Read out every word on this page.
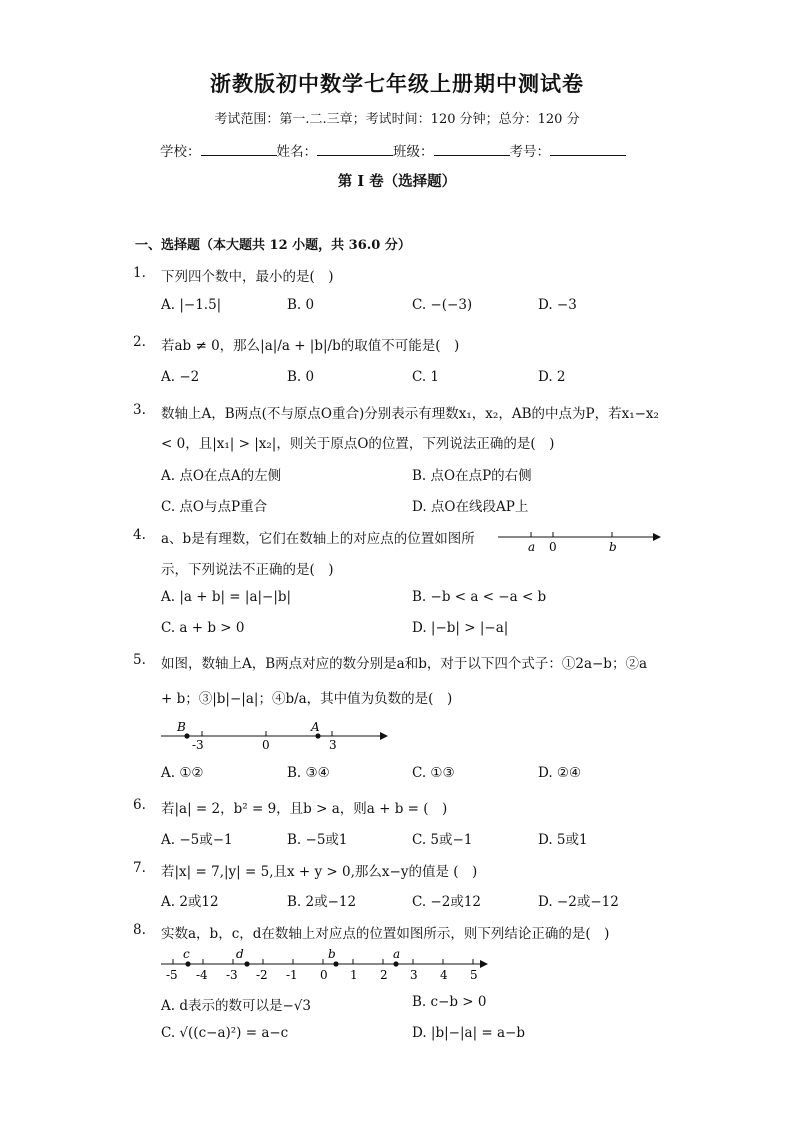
浙教版初中数学七年级上册期中测试卷
考试范围：第一.二.三章；考试时间：120 分钟；总分：120 分
学校：	姓名：	班级：	考号：
第 I 卷（选择题）
一、选择题（本大题共 12 小题，共 36.0 分）
1. 下列四个数中，最小的是(　)
A. |−1.5|	B. 0	C. −(−3)	D. −3
2. 若ab ≠ 0，那么|a|/a + |b|/b的取值不可能是(　)
A. −2	B. 0	C. 1	D. 2
3. 数轴上A，B两点(不与原点O重合)分别表示有理数x₁，x₂，AB的中点为P，若x₁−x₂
< 0，且|x₁| > |x₂|，则关于原点O的位置，下列说法正确的是(　)
A. 点O在点A的左侧	B. 点O在点P的右侧
C. 点O与点P重合	D. 点O在线段AP上
4. a、b是有理数，它们在数轴上的对应点的位置如图所
示，下列说法不正确的是(　)
a 0	b
A. |a + b| = |a|−|b|	B. −b < a < −a < b
C. a + b > 0	D. |−b| > |−a|
5. 如图，数轴上A，B两点对应的数分别是a和b，对于以下四个式子：①2a−b；②a
+ b；③|b|−|a|；④b/a，其中值为负数的是(　)
B	A
-3	0	3
A. ①②	B. ③④	C. ①③	D. ②④
6. 若|a| = 2，b² = 9，且b > a，则a + b = (　)
A. −5或−1	B. −5或1	C. 5或−1	D. 5或1
7. 若|x| = 7,|y| = 5,且x + y > 0,那么x−y的值是 (　)
A. 2或12	B. 2或−12	C. −2或12	D. −2或−12
8. 实数a，b，c，d在数轴上对应点的位置如图所示，则下列结论正确的是(　)
-5 -4 -3 -2 -1 0 1 2 3 4 5
c	d	b	a
A. d表示的数可以是−√3	B. c−b > 0
C. √((c−a)²) = a−c	D. |b|−|a| = a−b
